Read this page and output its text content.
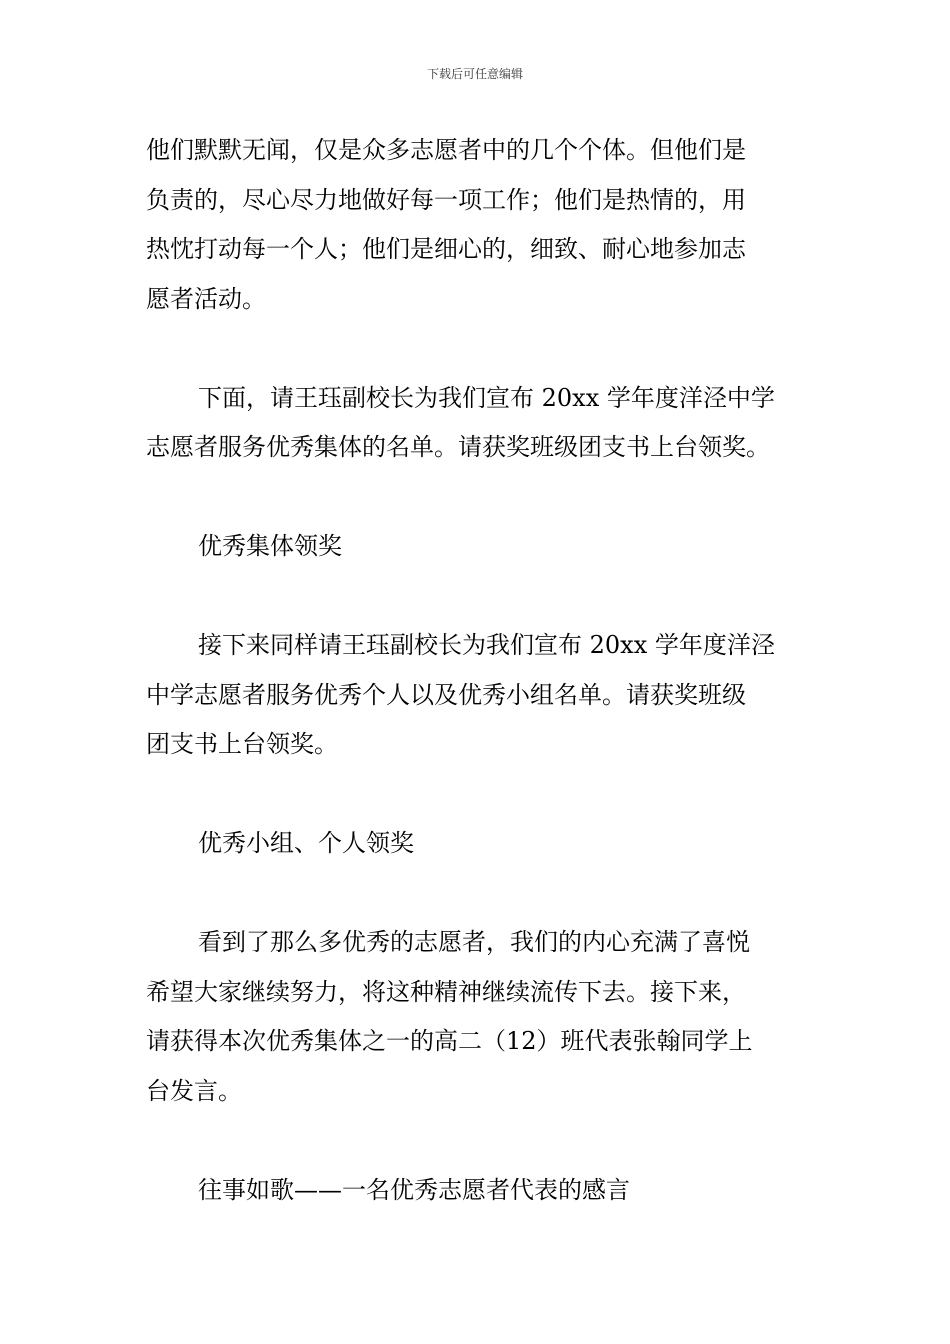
下载后可任意编辑
他们默默无闻，仅是众多志愿者中的几个个体。但他们是
负责的，尽心尽力地做好每一项工作；他们是热情的，用
热忱打动每一个人；他们是细心的，细致、耐心地参加志
愿者活动。
下面，请王珏副校长为我们宣布 20xx 学年度洋泾中学
志愿者服务优秀集体的名单。请获奖班级团支书上台领奖。
优秀集体领奖
接下来同样请王珏副校长为我们宣布 20xx 学年度洋泾
中学志愿者服务优秀个人以及优秀小组名单。请获奖班级
团支书上台领奖。
优秀小组、个人领奖
看到了那么多优秀的志愿者，我们的内心充满了喜悦
希望大家继续努力，将这种精神继续流传下去。接下来，
请获得本次优秀集体之一的高二（12）班代表张翰同学上
台发言。
往事如歌——一名优秀志愿者代表的感言
